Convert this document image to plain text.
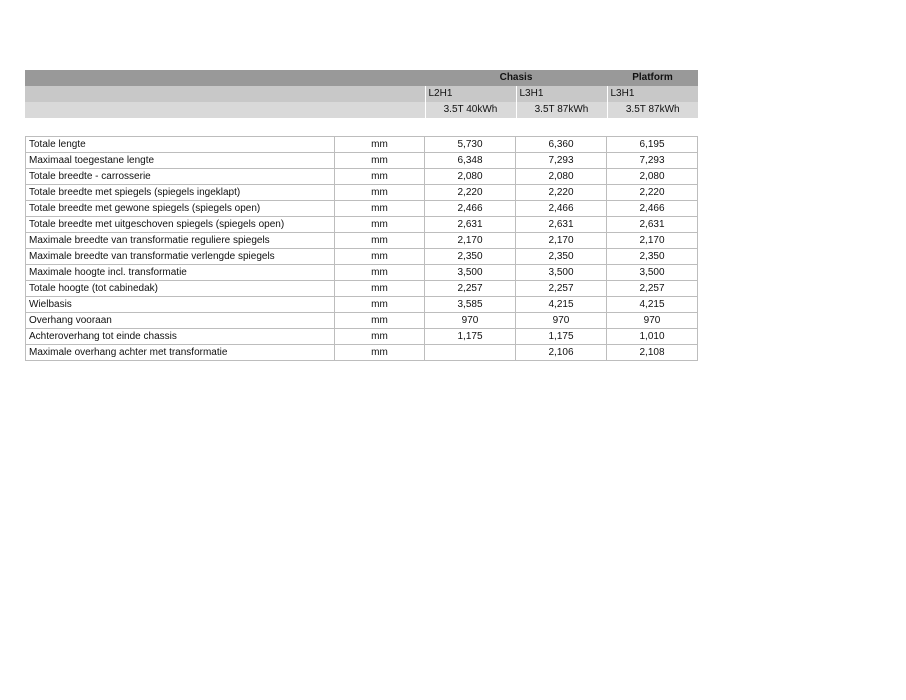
		Chasis		Platform
		L2H1	L3H1	L3H1
		3.5T 40kWh	3.5T 87kWh	3.5T 87kWh
Totale lengte	mm	5,730	6,360	6,195
Maximaal toegestane lengte	mm	6,348	7,293	7,293
Totale breedte - carrosserie	mm	2,080	2,080	2,080
Totale breedte met spiegels (spiegels ingeklapt)	mm	2,220	2,220	2,220
Totale breedte met gewone spiegels (spiegels open)	mm	2,466	2,466	2,466
Totale breedte met uitgeschoven spiegels (spiegels open)	mm	2,631	2,631	2,631
Maximale breedte van transformatie reguliere spiegels	mm	2,170	2,170	2,170
Maximale breedte van transformatie verlengde spiegels	mm	2,350	2,350	2,350
Maximale hoogte incl. transformatie	mm	3,500	3,500	3,500
Totale hoogte (tot cabinedak)	mm	2,257	2,257	2,257
Wielbasis	mm	3,585	4,215	4,215
Overhang vooraan	mm	970	970	970
Achteroverhang tot einde chassis	mm	1,175	1,175	1,010
Maximale overhang achter met transformatie	mm		2,106	2,108
